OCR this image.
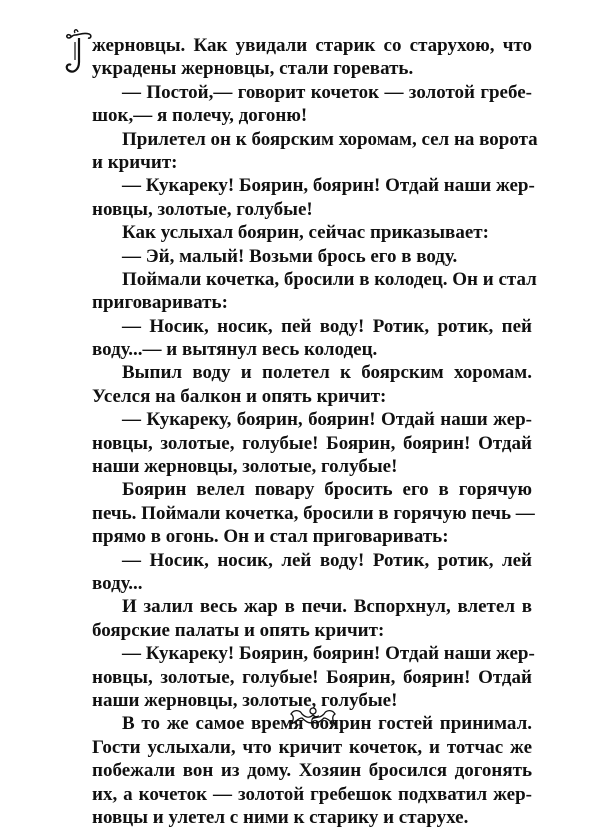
жерновцы. Как увидали старик со старухою, что
украдены жерновцы, стали горевать.
— Постой,— говорит кочеток — золотой гребе-
шок,— я полечу, догоню!
Прилетел он к боярским хоромам, сел на ворота
и кричит:
— Кукареку! Боярин, боярин! Отдай наши жер-
новцы, золотые, голубые!
Как услыхал боярин, сейчас приказывает:
— Эй, малый! Возьми брось его в воду.
Поймали кочетка, бросили в колодец. Он и стал
приговаривать:
— Носик, носик, пей воду! Ротик, ротик, пей
воду...— и вытянул весь колодец.
Выпил воду и полетел к боярским хоромам.
Уселся на балкон и опять кричит:
— Кукареку, боярин, боярин! Отдай наши жер-
новцы, золотые, голубые! Боярин, боярин! Отдай
наши жерновцы, золотые, голубые!
Боярин велел повару бросить его в горячую
печь. Поймали кочетка, бросили в горячую печь —
прямо в огонь. Он и стал приговаривать:
— Носик, носик, лей воду! Ротик, ротик, лей
воду...
И залил весь жар в печи. Вспорхнул, влетел в
боярские палаты и опять кричит:
— Кукареку! Боярин, боярин! Отдай наши жер-
новцы, золотые, голубые! Боярин, боярин! Отдай
наши жерновцы, золотые, голубые!
В то же самое время боярин гостей принимал.
Гости услыхали, что кричит кочеток, и тотчас же
побежали вон из дому. Хозяин бросился догонять
их, а кочеток — золотой гребешок подхватил жер-
новцы и улетел с ними к старику и старухе.
